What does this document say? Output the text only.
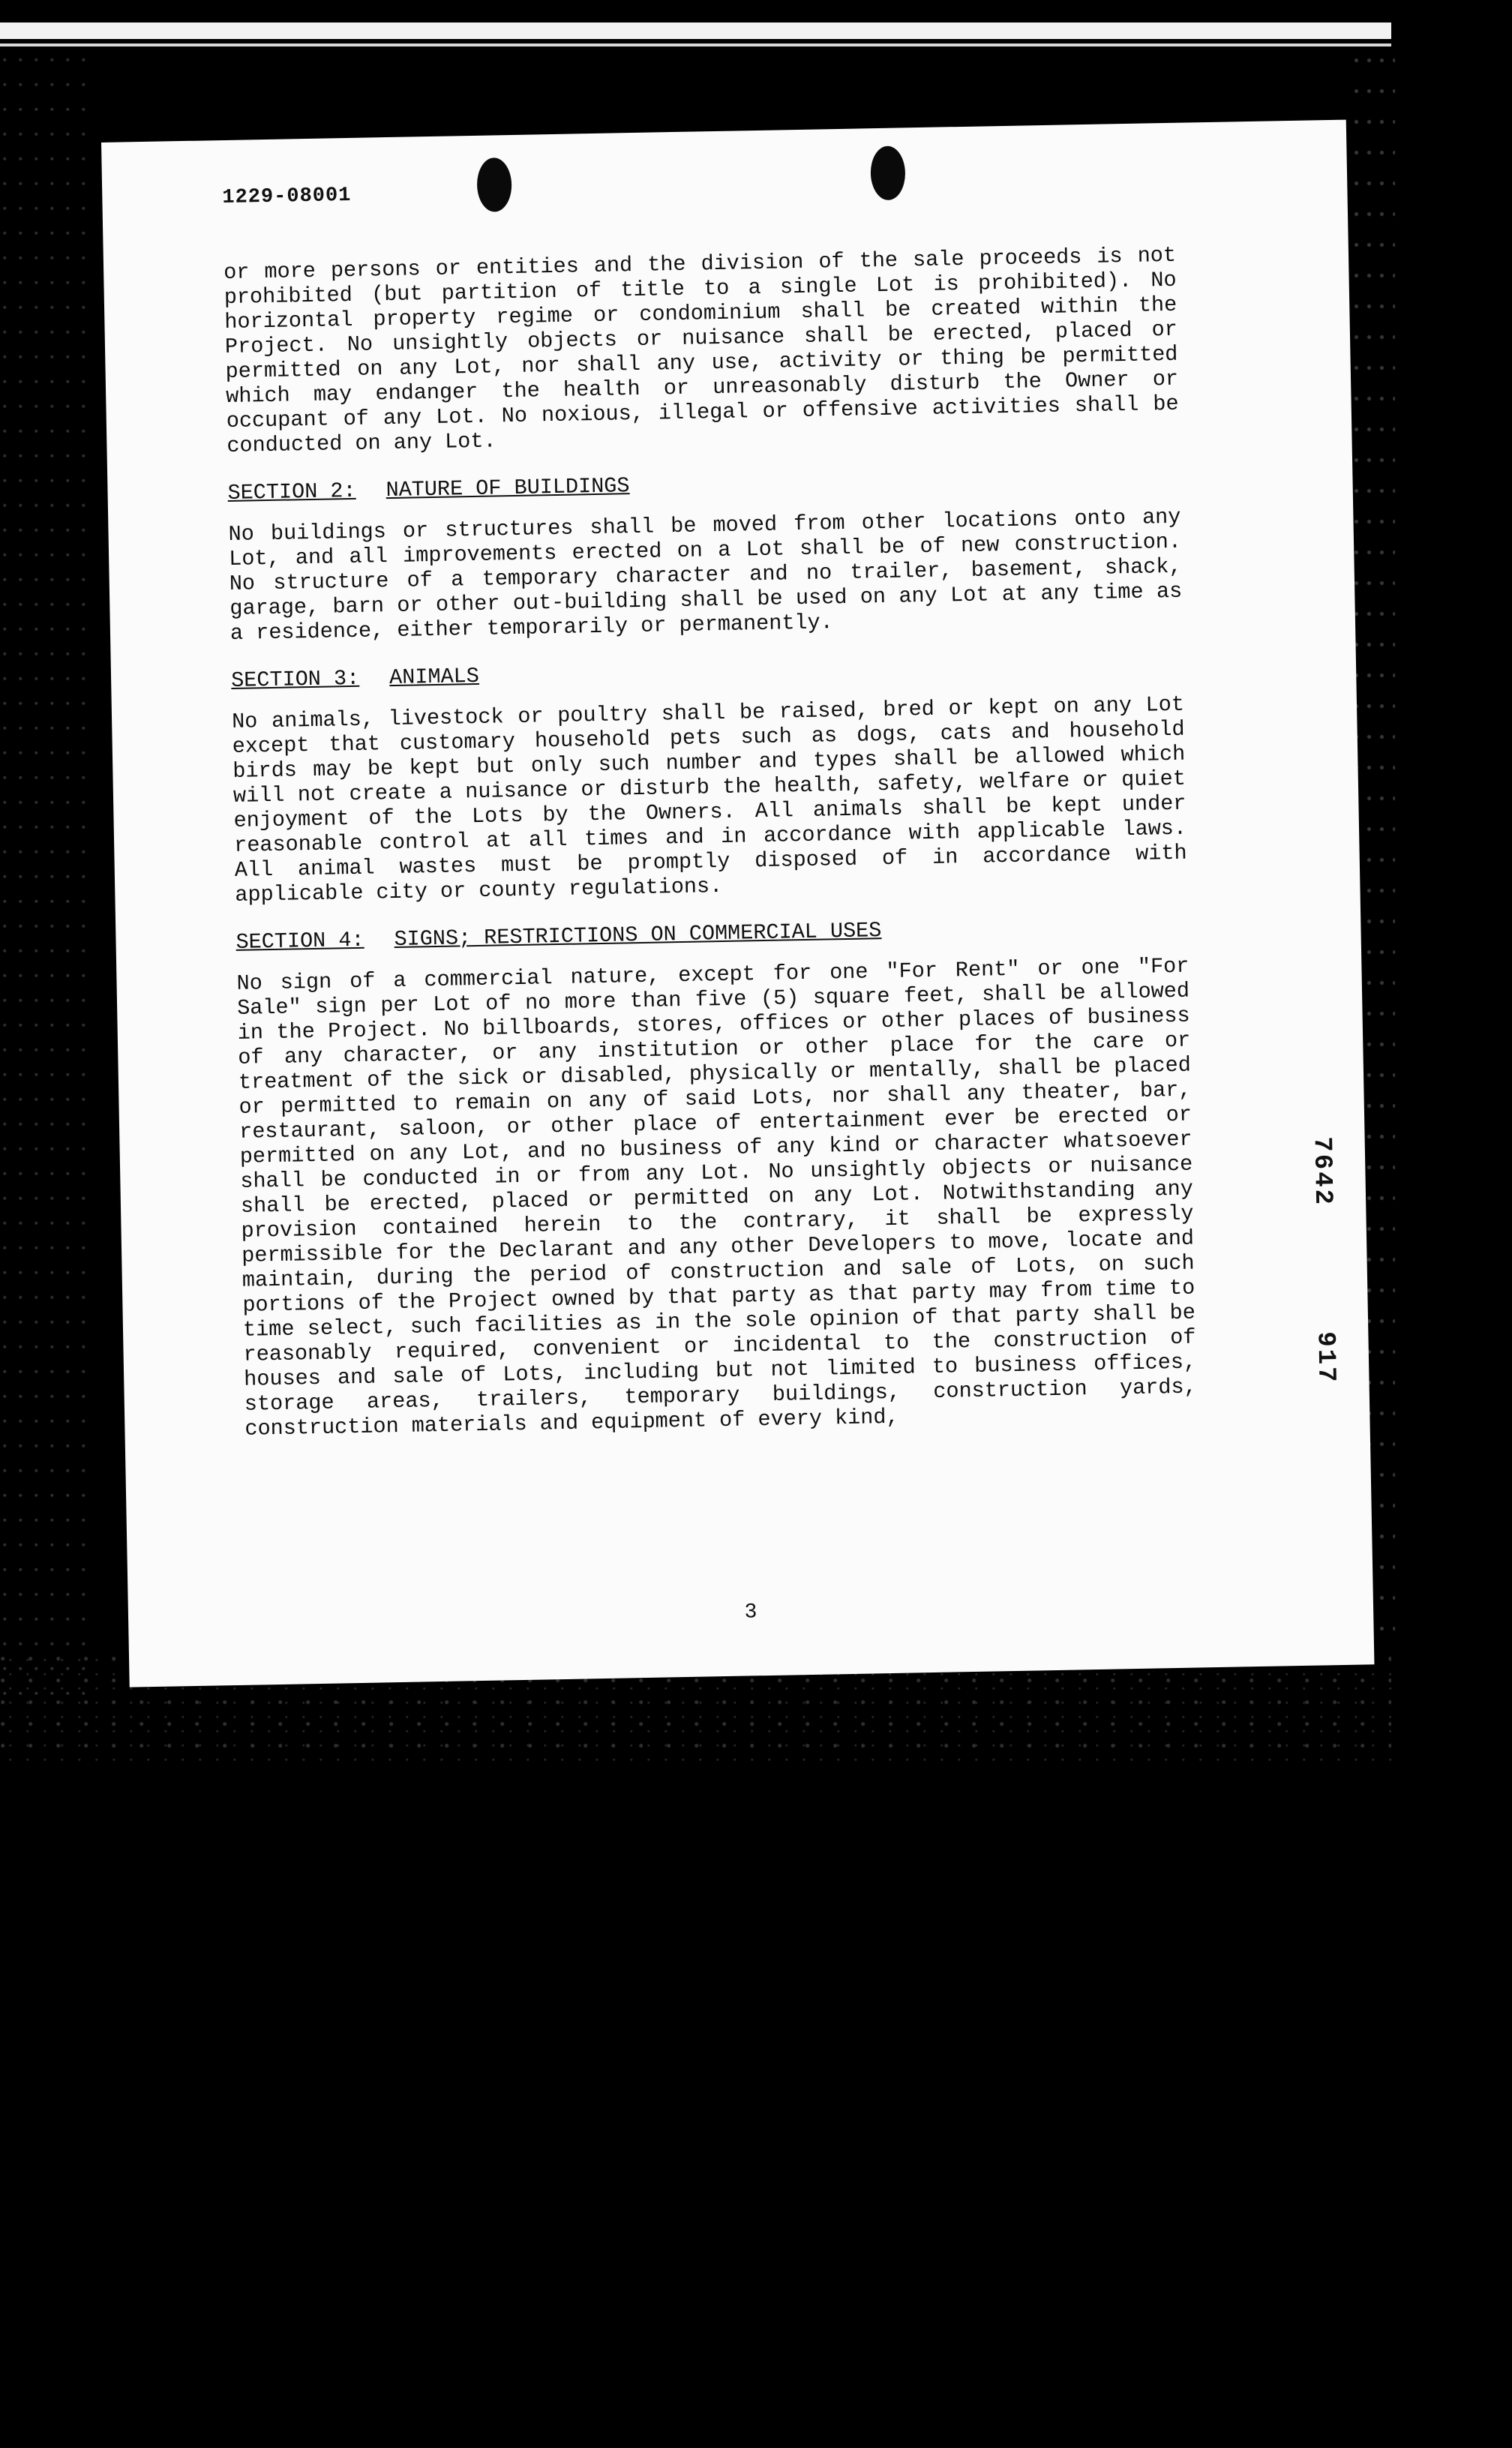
1229-08001

or more persons or entities and the division of the sale proceeds is not prohibited (but partition of title to a single Lot is prohibited). No horizontal property regime or condominium shall be created within the Project. No unsightly objects or nuisance shall be erected, placed or permitted on any Lot, nor shall any use, activity or thing be permitted which may endanger the health or unreasonably disturb the Owner or occupant of any Lot. No noxious, illegal or offensive activities shall be conducted on any Lot.

SECTION 2: NATURE OF BUILDINGS

No buildings or structures shall be moved from other locations onto any Lot, and all improvements erected on a Lot shall be of new construction. No structure of a temporary character and no trailer, basement, shack, garage, barn or other out-building shall be used on any Lot at any time as a residence, either temporarily or permanently.

SECTION 3: ANIMALS

No animals, livestock or poultry shall be raised, bred or kept on any Lot except that customary household pets such as dogs, cats and household birds may be kept but only such number and types shall be allowed which will not create a nuisance or disturb the health, safety, welfare or quiet enjoyment of the Lots by the Owners. All animals shall be kept under reasonable control at all times and in accordance with applicable laws. All animal wastes must be promptly disposed of in accordance with applicable city or county regulations.

SECTION 4: SIGNS; RESTRICTIONS ON COMMERCIAL USES

No sign of a commercial nature, except for one "For Rent" or one "For Sale" sign per Lot of no more than five (5) square feet, shall be allowed in the Project. No billboards, stores, offices or other places of business of any character, or any institution or other place for the care or treatment of the sick or disabled, physically or mentally, shall be placed or permitted to remain on any of said Lots, nor shall any theater, bar, restaurant, saloon, or other place of entertainment ever be erected or permitted on any Lot, and no business of any kind or character whatsoever shall be conducted in or from any Lot. No unsightly objects or nuisance shall be erected, placed or permitted on any Lot. Notwithstanding any provision contained herein to the contrary, it shall be expressly permissible for the Declarant and any other Developers to move, locate and maintain, during the period of construction and sale of Lots, on such portions of the Project owned by that party as that party may from time to time select, such facilities as in the sole opinion of that party shall be reasonably required, convenient or incidental to the construction of houses and sale of Lots, including but not limited to business offices, storage areas, trailers, temporary buildings, construction yards, construction materials and equipment of every kind,

7642
917
3
